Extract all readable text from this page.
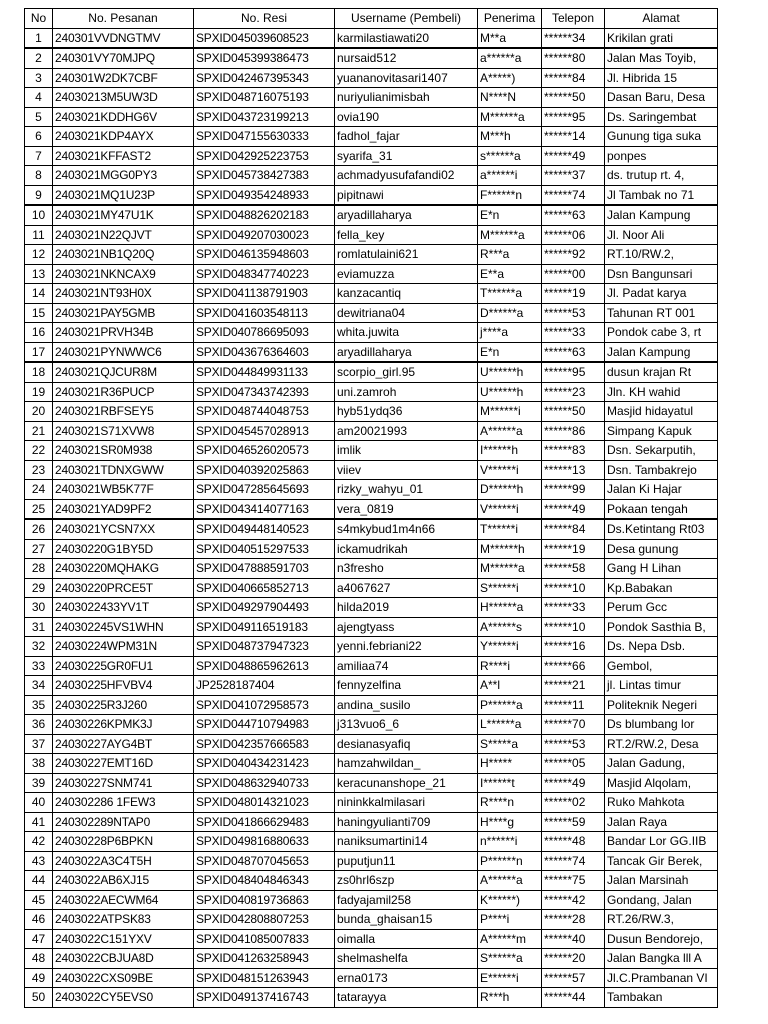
No	No. Pesanan	No. Resi	Username (Pembeli)	Penerima	Telepon	Alamat
1	240301VVDNGTMV	SPXID045039608523	karmilastiawati20	M**a	******34	Krikilan grati
2	240301VY70MJPQ	SPXID045399386473	nursaid512	a******a	******80	Jalan Mas Toyib,
3	240301W2DK7CBF	SPXID042467395343	yuananovitasari1407	A*****)	******84	Jl. Hibrida 15
4	24030213M5UW3D	SPXID048716075193	nuriyulianimisbah	N****N	******50	Dasan Baru, Desa
5	2403021KDDHG6V	SPXID043723199213	ovia190	M******a	******95	Ds. Saringembat
6	2403021KDP4AYX	SPXID047155630333	fadhol_fajar	M***h	******14	Gunung tiga suka
7	2403021KFFAST2	SPXID042925223753	syarifa_31	s******a	******49	ponpes
8	2403021MGG0PY3	SPXID045738427383	achmadyusufafandi02	a******i	******37	ds. trutup rt. 4,
9	2403021MQ1U23P	SPXID049354248933	pipitnawi	F******n	******74	Jl Tambak no 71
10	2403021MY47U1K	SPXID048826202183	aryadillaharya	E*n	******63	Jalan Kampung
11	2403021N22QJVT	SPXID049207030023	fella_key	M******a	******06	Jl. Noor Ali
12	2403021NB1Q20Q	SPXID046135948603	romlatulaini621	R***a	******92	RT.10/RW.2,
13	2403021NKNCAX9	SPXID048347740223	eviamuzza	E**a	******00	Dsn Bangunsari
14	2403021NT93H0X	SPXID041138791903	kanzacantiq	T******a	******19	Jl. Padat karya
15	2403021PAY5GMB	SPXID041603548113	dewitriana04	D******a	******53	Tahunan RT 001
16	2403021PRVH34B	SPXID040786695093	whita.juwita	j****a	******33	Pondok cabe 3, rt
17	2403021PYNWWC6	SPXID043676364603	aryadillaharya	E*n	******63	Jalan Kampung
18	2403021QJCUR8M	SPXID044849931133	scorpio_girl.95	U******h	******95	dusun krajan Rt
19	2403021R36PUCP	SPXID047343742393	uni.zamroh	U******h	******23	Jln. KH wahid
20	2403021RBFSEY5	SPXID048744048753	hyb51ydq36	M******i	******50	Masjid hidayatul
21	2403021S71XVW8	SPXID045457028913	am20021993	A******a	******86	Simpang Kapuk
22	2403021SR0M938	SPXID046526020573	imlik	I******h	******83	Dsn. Sekarputih,
23	2403021TDNXGWW	SPXID040392025863	viiev	V******i	******13	Dsn. Tambakrejo
24	2403021WB5K77F	SPXID047285645693	rizky_wahyu_01	D******h	******99	Jalan Ki Hajar
25	2403021YAD9PF2	SPXID043414077163	vera_0819	V******i	******49	Pokaan tengah
26	2403021YCSN7XX	SPXID049448140523	s4mkybud1m4n66	T******i	******84	Ds.Ketintang Rt03
27	24030220G1BY5D	SPXID040515297533	ickamudrikah	M******h	******19	Desa gunung
28	24030220MQHAKG	SPXID047888591703	n3fresho	M******a	******58	Gang H Lihan
29	24030220PRCE5T	SPXID040665852713	a4067627	S******i	******10	Kp.Babakan
30	2403022433YV1T	SPXID049297904493	hilda2019	H******a	******33	Perum Gcc
31	240302245VS1WHN	SPXID049116519183	ajengtyass	A******s	******10	Pondok Sasthia B,
32	24030224WPM31N	SPXID048737947323	yenni.febriani22	Y******i	******16	Ds. Nepa Dsb.
33	24030225GR0FU1	SPXID048865962613	amiliaa74	R****i	******66	Gembol,
34	24030225HFVBV4	JP2528187404	fennyzelfina	A**l	******21	jl. Lintas timur
35	24030225R3J260	SPXID041072958573	andina_susilo	P******a	******11	Politeknik Negeri
36	24030226KPMK3J	SPXID044710794983	j313vuo6_6	L******a	******70	Ds blumbang lor
37	24030227AYG4BT	SPXID042357666583	desianasyafiq	S*****a	******53	RT.2/RW.2, Desa
38	24030227EMT16D	SPXID040434231423	hamzahwildan_	H*****	******05	Jalan Gadung,
39	24030227SNM741	SPXID048632940733	keracunanshope_21	I******t	******49	Masjid Alqolam,
40	240302286 1FEW3	SPXID048014321023	nininkkalmilasari	R****n	******02	Ruko Mahkota
41	240302289NTAP0	SPXID041866629483	haningyulianti709	H****g	******59	Jalan Raya
42	24030228P6BPKN	SPXID049816880633	naniksumartini14	n******i	******48	Bandar Lor GG.IIB
43	2403022A3C4T5H	SPXID048707045653	puputjun11	P******n	******74	Tancak Gir Berek,
44	2403022AB6XJ15	SPXID048404846343	zs0hrl6szp	A******a	******75	Jalan Marsinah
45	2403022AECWM64	SPXID040819736863	fadyajamil258	K******)	******42	Gondang, Jalan
46	2403022ATPSK83	SPXID042808807253	bunda_ghaisan15	P****i	******28	RT.26/RW.3,
47	2403022C151YXV	SPXID041085007833	oimalla	A******m	******40	Dusun Bendorejo,
48	2403022CBJUA8D	SPXID041263258943	shelmashelfa	S******a	******20	Jalan Bangka lll A
49	2403022CXS09BE	SPXID048151263943	erna0173	E******i	******57	Jl.C.Prambanan VI
50	2403022CY5EVS0	SPXID049137416743	tatarayya	R***h	******44	Tambakan
